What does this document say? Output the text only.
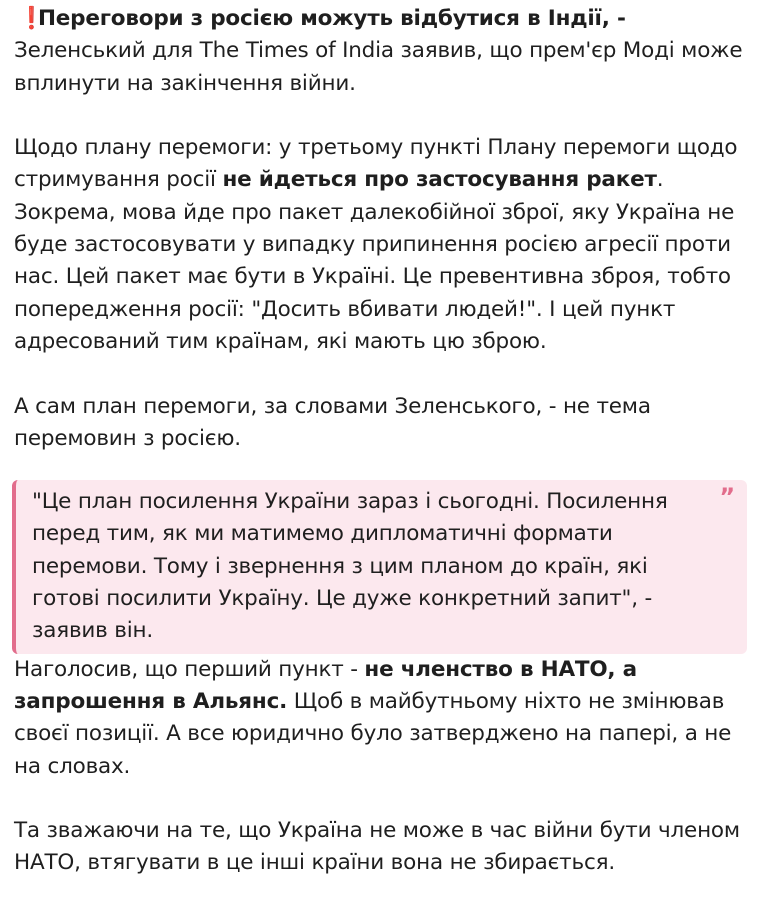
❗Переговори з росією можуть відбутися в Індії, - Зеленський для The Times of India заявив, що прем'єр Моді може вплинути на закінчення війни.

Щодо плану перемоги: у третьому пункті Плану перемоги щодо стримування росії не йдеться про застосування ракет. Зокрема, мова йде про пакет далекобійної зброї, яку Україна не буде застосовувати у випадку припинення росією агресії проти нас. Цей пакет має бути в Україні. Це превентивна зброя, тобто попередження росії: "Досить вбивати людей!". І цей пункт адресований тим країнам, які мають цю зброю.

А сам план перемоги, за словами Зеленського, - не тема перемовин з росією.

”

"Це план посилення України зараз і сьогодні. Посилення перед тим, як ми матимемо дипломатичні формати перемови. Тому і звернення з цим планом до країн, які готові посилити Україну. Це дуже конкретний запит", - заявив він.

Наголосив, що перший пункт - не членство в НАТО, а запрошення в Альянс. Щоб в майбутньому ніхто не змінював своєї позиції. А все юридично було затверджено на папері, а не на словах.

Та зважаючи на те, що Україна не може в час війни бути членом НАТО, втягувати в це інші країни вона не збирається.
